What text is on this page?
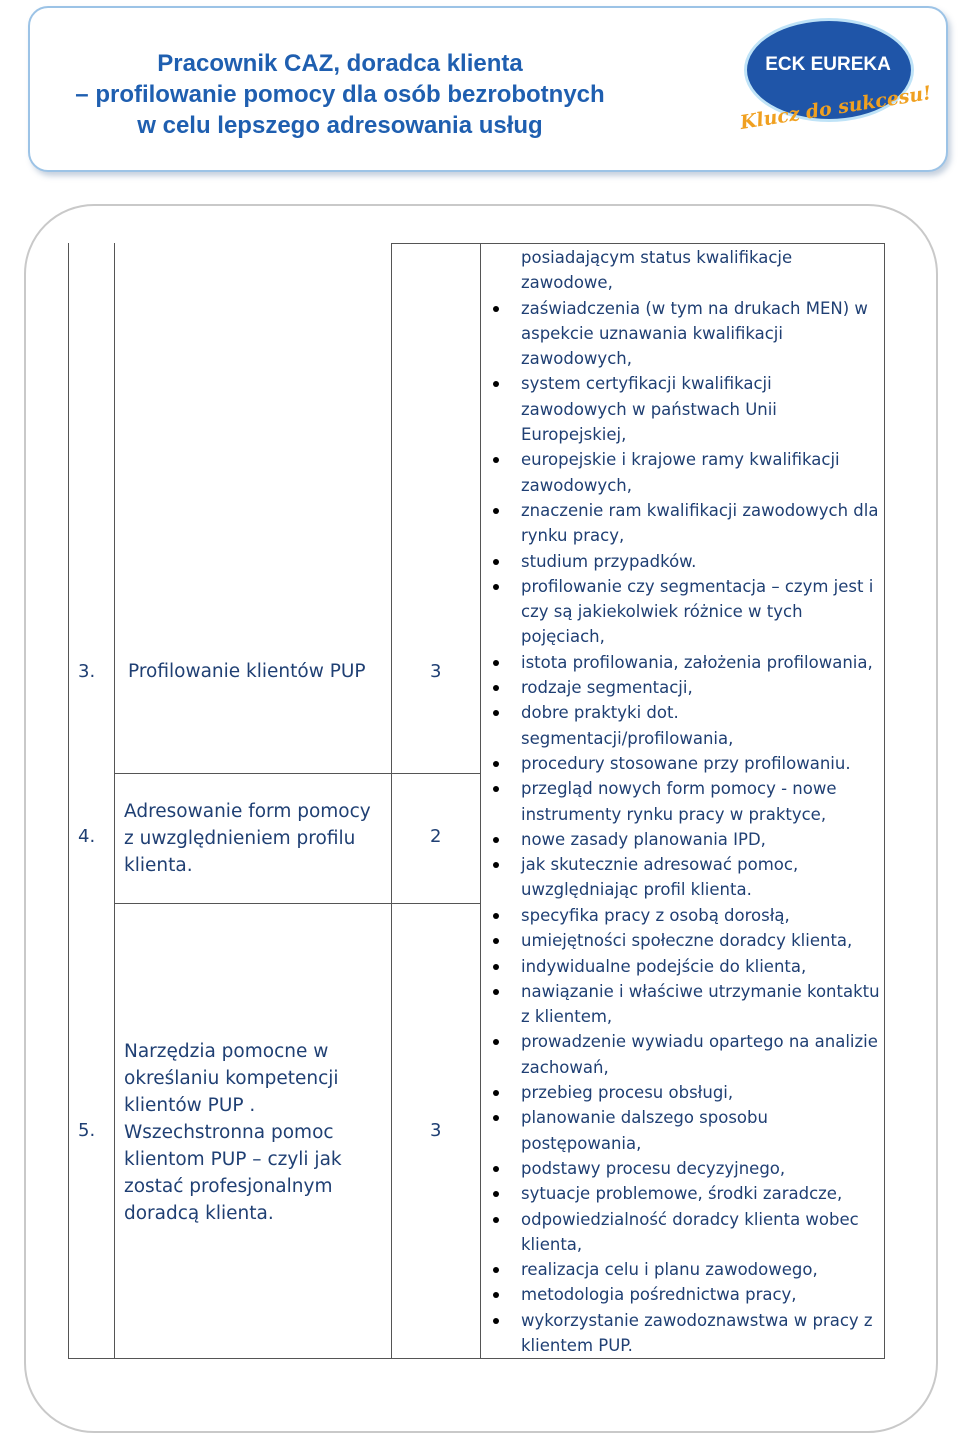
Pracownik CAZ, doradca klienta
– profilowanie pomocy dla osób bezrobotnych
w celu lepszego adresowania usług
ECK EUREKA
Klucz do sukcesu!
3. Profilowanie klientów PUP	3
4.
Adresowanie form pomocy z uwzględnieniem profilu klienta.
2
5.
Narzędzia pomocne w określaniu kompetencji klientów PUP . Wszechstronna pomoc klientom PUP – czyli jak zostać profesjonalnym doradcą klienta.
3
posiadającym status kwalifikacje zawodowe,
zaświadczenia (w tym na drukach MEN) w aspekcie uznawania kwalifikacji zawodowych,
system certyfikacji kwalifikacji zawodowych w państwach Unii Europejskiej,
europejskie i krajowe ramy kwalifikacji zawodowych,
znaczenie ram kwalifikacji zawodowych dla rynku pracy,
studium przypadków.
profilowanie czy segmentacja – czym jest i czy są jakiekolwiek różnice w tych pojęciach,
istota profilowania, założenia profilowania,
rodzaje segmentacji,
dobre praktyki dot. segmentacji/profilowania,
procedury stosowane przy profilowaniu.
przegląd nowych form pomocy - nowe instrumenty rynku pracy w praktyce,
nowe zasady planowania IPD,
jak skutecznie adresować pomoc, uwzględniając profil klienta.
specyfika pracy z osobą dorosłą,
umiejętności społeczne doradcy klienta,
indywidualne podejście do klienta,
nawiązanie i właściwe utrzymanie kontaktu z klientem,
prowadzenie wywiadu opartego na analizie zachowań,
przebieg procesu obsługi,
planowanie dalszego sposobu postępowania,
podstawy procesu decyzyjnego,
sytuacje problemowe, środki zaradcze,
odpowiedzialność doradcy klienta wobec klienta,
realizacja celu i planu zawodowego,
metodologia pośrednictwa pracy,
wykorzystanie zawodoznawstwa w pracy z klientem PUP.
